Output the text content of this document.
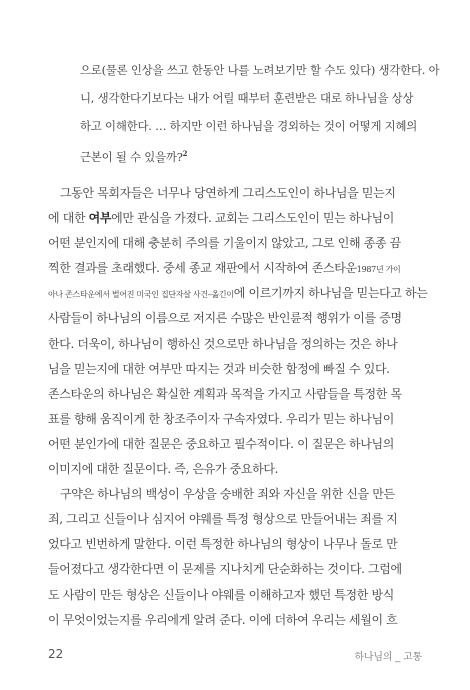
으로(물론 인상을 쓰고 한동안 나를 노려보기만 할 수도 있다) 생각한다. 아
니, 생각한다기보다는 내가 어릴 때부터 훈련받은 대로 하나님을 상상
하고 이해한다. … 하지만 이런 하나님을 경외하는 것이 어떻게 지혜의
근본이 될 수 있을까?$^2$
그동안 목회자들은 너무나 당연하게 그리스도인이 하나님을 믿는지
에 대한 여부에만 관심을 가졌다. 교회는 그리스도인이 믿는 하나님이
어떤 분인지에 대해 충분히 주의를 기울이지 않았고, 그로 인해 종종 끔
찍한 결과를 초래했다. 중세 종교 재판에서 시작하여 존스타운1987년 가이
아나 존스타운에서 벌어진 미국인 집단자살 사건–옮긴이에 이르기까지 하나님을 믿는다고 하는
사람들이 하나님의 이름으로 저지른 수많은 반인륜적 행위가 이를 증명
한다. 더욱이, 하나님이 행하신 것으로만 하나님을 정의하는 것은 하나
님을 믿는지에 대한 여부만 따지는 것과 비슷한 함정에 빠질 수 있다.
존스타운의 하나님은 확실한 계획과 목적을 가지고 사람들을 특정한 목
표를 향해 움직이게 한 창조주이자 구속자였다. 우리가 믿는 하나님이
어떤 분인가에 대한 질문은 중요하고 필수적이다. 이 질문은 하나님의
이미지에 대한 질문이다. 즉, 은유가 중요하다.
구약은 하나님의 백성이 우상을 숭배한 죄와 자신을 위한 신을 만든
죄, 그리고 신들이나 심지어 야웨를 특정 형상으로 만들어내는 죄를 지
었다고 빈번하게 말한다. 이런 특정한 하나님의 형상이 나무나 돌로 만
들어졌다고 생각한다면 이 문제를 지나치게 단순화하는 것이다. 그럼에
도 사람이 만든 형상은 신들이나 야웨를 이해하고자 했던 특정한 방식
이 무엇이었는지를 우리에게 알려 준다. 이에 더하여 우리는 세월이 흐
22	하나님의 _ 고통
